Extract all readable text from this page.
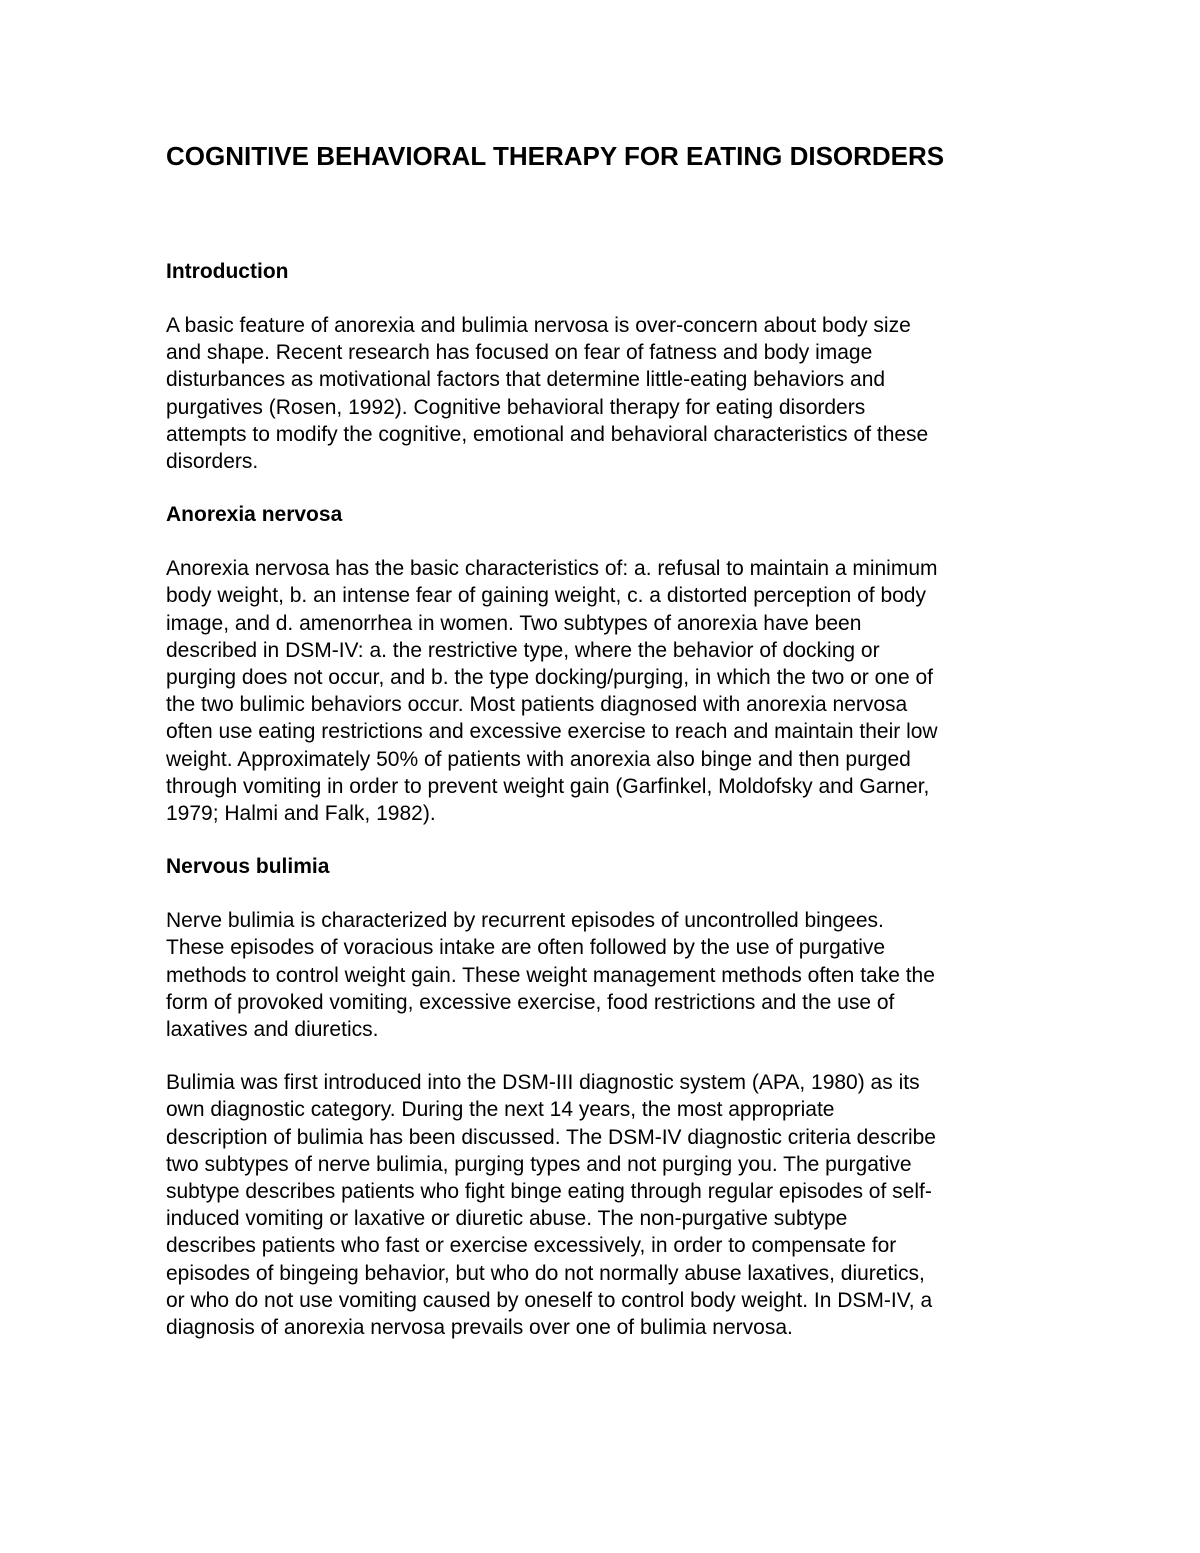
COGNITIVE BEHAVIORAL THERAPY FOR EATING DISORDERS
Introduction

A basic feature of anorexia and bulimia nervosa is over-concern about body size
and shape. Recent research has focused on fear of fatness and body image
disturbances as motivational factors that determine little-eating behaviors and
purgatives (Rosen, 1992). Cognitive behavioral therapy for eating disorders
attempts to modify the cognitive, emotional and behavioral characteristics of these
disorders.

Anorexia nervosa

Anorexia nervosa has the basic characteristics of: a. refusal to maintain a minimum
body weight, b. an intense fear of gaining weight, c. a distorted perception of body
image, and d. amenorrhea in women. Two subtypes of anorexia have been
described in DSM-IV: a. the restrictive type, where the behavior of docking or
purging does not occur, and b. the type docking/purging, in which the two or one of
the two bulimic behaviors occur. Most patients diagnosed with anorexia nervosa
often use eating restrictions and excessive exercise to reach and maintain their low
weight. Approximately 50% of patients with anorexia also binge and then purged
through vomiting in order to prevent weight gain (Garfinkel, Moldofsky and Garner,
1979; Halmi and Falk, 1982).

Nervous bulimia

Nerve bulimia is characterized by recurrent episodes of uncontrolled bingees.
These episodes of voracious intake are often followed by the use of purgative
methods to control weight gain. These weight management methods often take the
form of provoked vomiting, excessive exercise, food restrictions and the use of
laxatives and diuretics.

Bulimia was first introduced into the DSM-III diagnostic system (APA, 1980) as its
own diagnostic category. During the next 14 years, the most appropriate
description of bulimia has been discussed. The DSM-IV diagnostic criteria describe
two subtypes of nerve bulimia, purging types and not purging you. The purgative
subtype describes patients who fight binge eating through regular episodes of self-
induced vomiting or laxative or diuretic abuse. The non-purgative subtype
describes patients who fast or exercise excessively, in order to compensate for
episodes of bingeing behavior, but who do not normally abuse laxatives, diuretics,
or who do not use vomiting caused by oneself to control body weight. In DSM-IV, a
diagnosis of anorexia nervosa prevails over one of bulimia nervosa.
